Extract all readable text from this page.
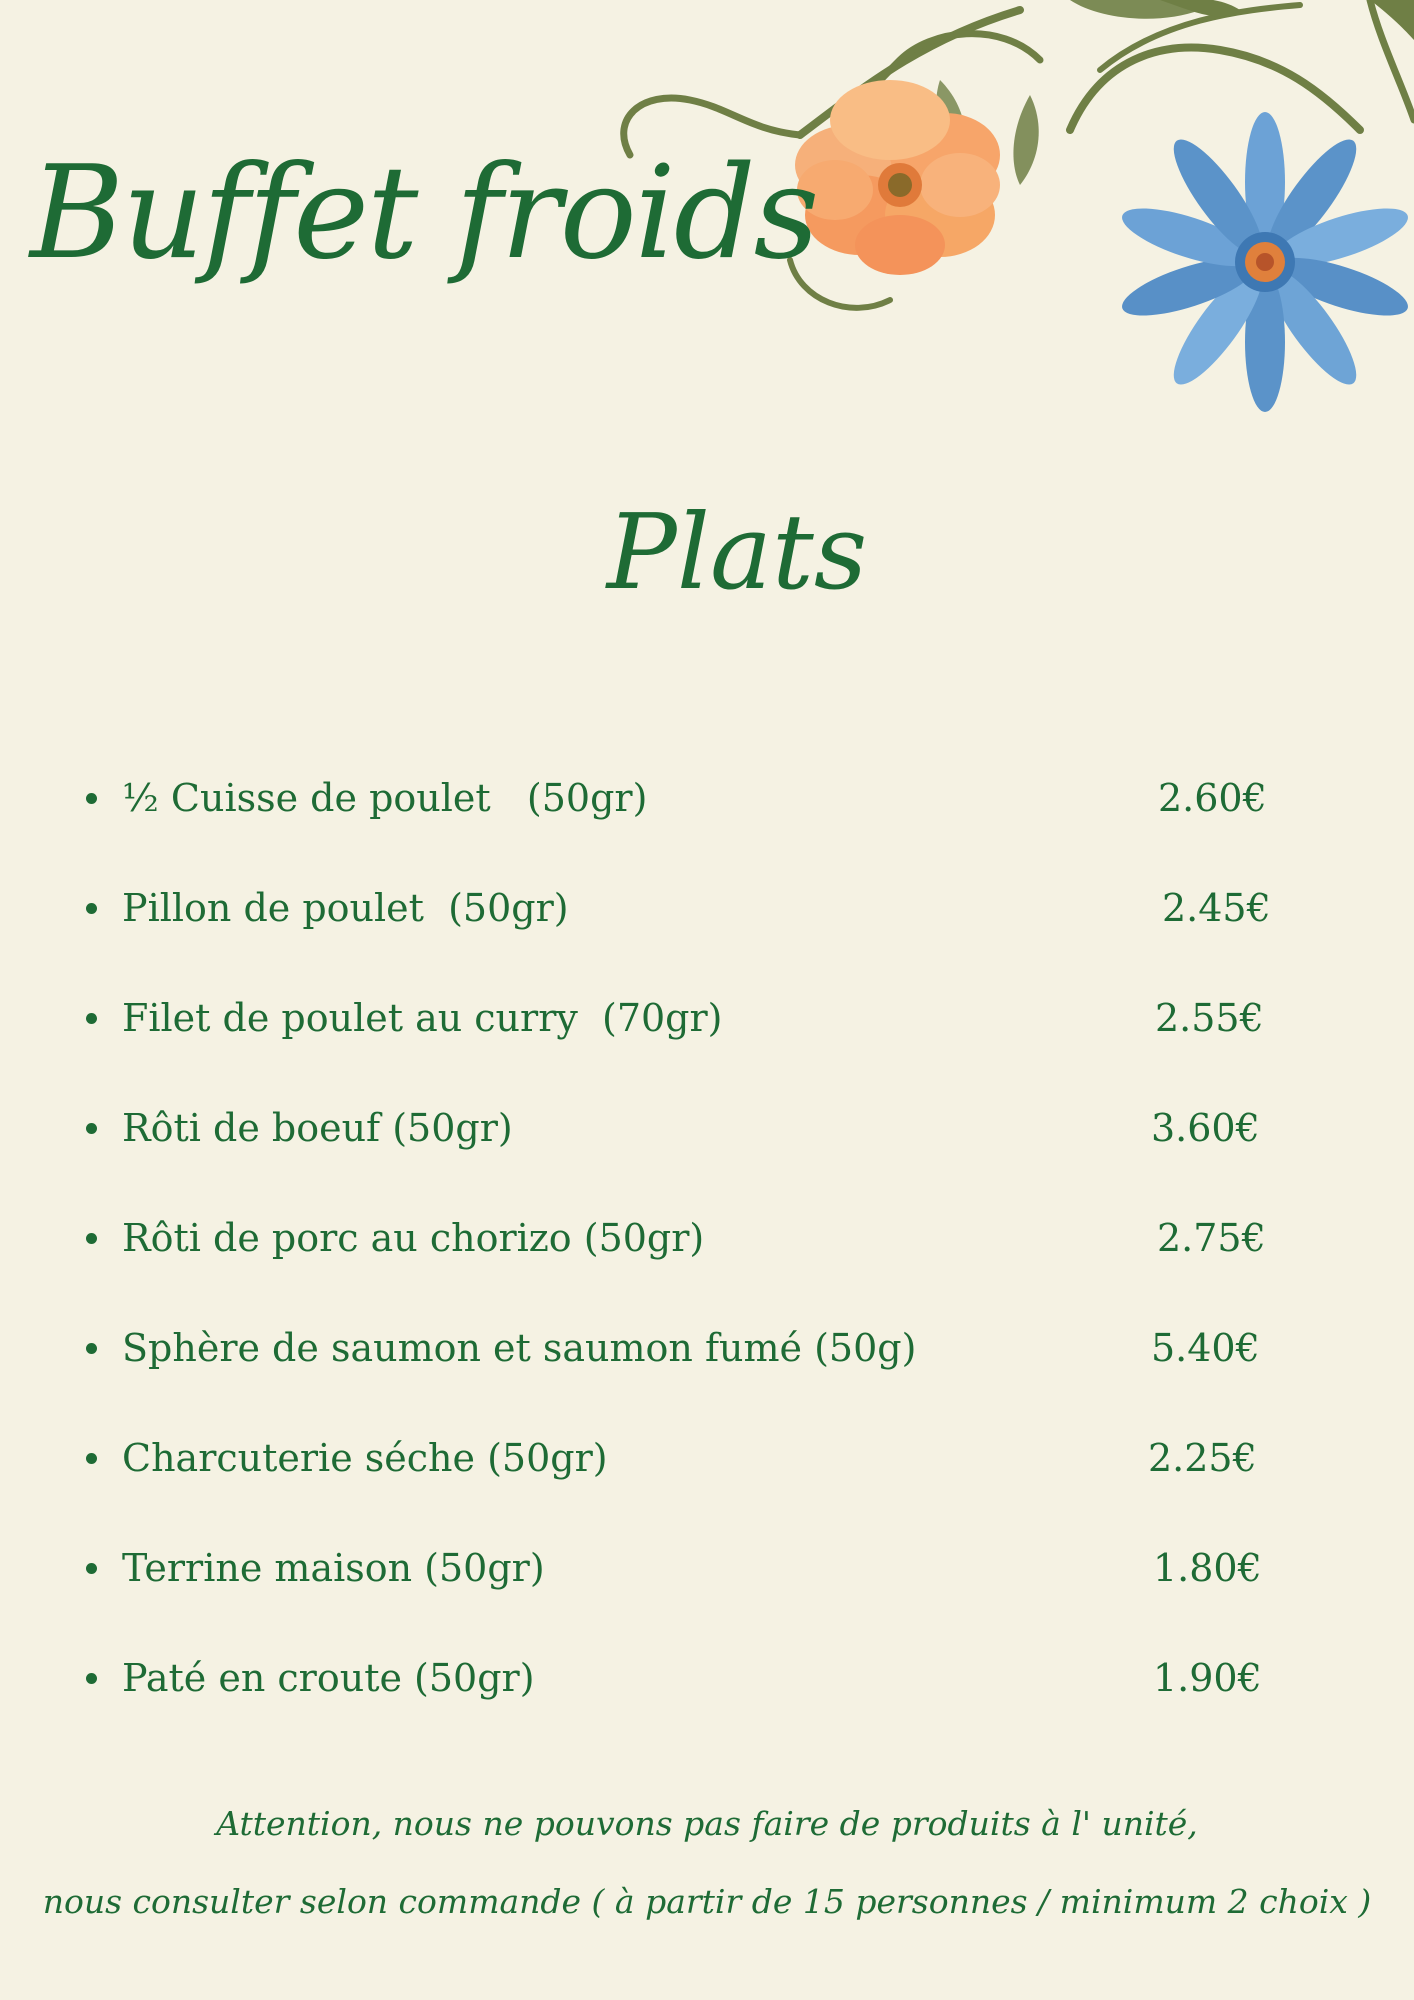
Buffet froids
Plats
½ Cuisse de poulet   (50gr)	2.60€
Pillon de poulet  (50gr)	2.45€
Filet de poulet au curry  (70gr)	2.55€
Rôti de boeuf (50gr)	3.60€
Rôti de porc au chorizo (50gr)	2.75€
Sphère de saumon et saumon fumé (50g)	5.40€
Charcuterie séche (50gr)	2.25€
Terrine maison (50gr)	1.80€
Paté en croute (50gr)	1.90€
Attention, nous ne pouvons pas faire de produits à l' unité,
nous consulter selon commande ( à partir de 15 personnes / minimum 2 choix )
